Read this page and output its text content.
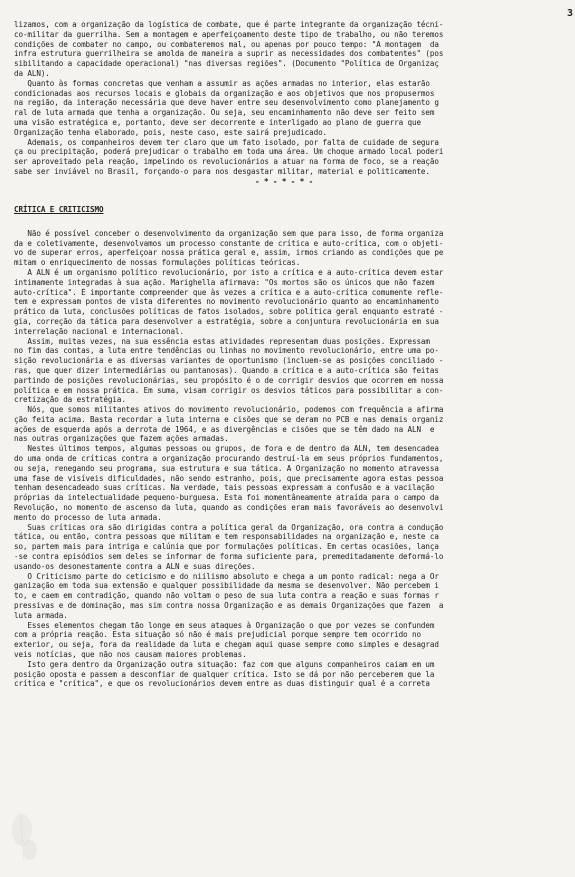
3
lizamos, com a organização da logística de combate, que é parte integrante da organização técni-
co-militar da guerrilha. Sem a montagem e aperfeiçoamento deste tipo de trabalho, ou não teremos
condições de combater no campo, ou combateremos mal, ou apenas por pouco tempo: "A montagem  da
infra estrutura guerrilheira se amolda de maneira a suprir as necessidades dos combatentes" (pos
sibilitando a capacidade operacional) "nas diversas regiões". (Documento "Política de Organizaç
da ALN).
Quanto às formas concretas que venham a assumir as ações armadas no interior, elas estarão
condicionadas aos recursos locais e globais da organização e aos objetivos que nos propusermos
na região, da interação necessária que deve haver entre seu desenvolvimento como planejamento g
ral de luta armada que tenha a organização. Ou seja, seu encaminhamento não deve ser feito sem
uma visão estratégica e, portanto, deve ser decorrente e interligado ao plano de guerra que
Organização tenha elaborado, pois, neste caso, este sairá prejudicado.
Ademais, os companheiros devem ter claro que um fato isolado, por falta de cuidade de segura
ça ou precipitação, poderá prejudicar o trabalho em toda uma área. Um choque armado local poderi
ser aproveitado pela reação, impelindo os revolucionários a atuar na forma de foco, se a reação
sabe ser inviável no Brasil, forçando-o para nos desgastar militar, material e politicamente.
- * - * - * -
CRÍTICA E CRITICISMO
Não é possível conceber o desenvolvimento da organização sem que para isso, de forma organiza
da e coletivamente, desenvolvamos um processo constante de crítica e auto-crítica, com o objeti-
vo de superar erros, aperfeiçoar nossa prática geral e, assim, irmos criando as condições que pe
mitam o enriquecimento de nossas formulações políticas teóricas.
A ALN é um organismo político revolucionário, por isto a crítica e a auto-crítica devem estar
intimamente integradas à sua ação. Marighella afirmava: "Os mortos são os únicos que não fazem
auto-crítica". É importante compreender que às vezes a crítica e a auto-crítica comumente refle-
tem e expressam pontos de vista diferentes no movimento revolucionário quanto ao encaminhamento
prático da luta, conclusões políticas de fatos isolados, sobre política geral enquanto estraté -
gia, correção da tática para desenvolver a estratégia, sobre a conjuntura revolucionária em sua
interrelação nacional e internacional.
Assim, muitas vezes, na sua essência estas atividades representam duas posições. Expressam
no fim das contas, a luta entre tendências ou linhas no movimento revolucionário, entre uma po-
sição revolucionária e as diversas variantes de oportunismo (incluem-se as posições conciliado -
ras, que quer dizer intermediárias ou pantanosas). Quando a crítica e a auto-crítica são feitas
partindo de posições revolucionárias, seu propósito é o de corrigir desvios que ocorrem em nossa
política e em nossa prática. Em suma, visam corrigir os desvios táticos para possibilitar a con-
cretização da estratégia.
Nós, que somos militantes ativos do movimento revolucionário, podemos com frequência a afirma
ção feita acima. Basta recordar a luta interna e cisões que se deram no PCB e nas demais organiz
ações de esquerda após a derrota de 1964, e as divergências e cisões que se têm dado na ALN  e
nas outras organizações que fazem ações armadas.
Nestes últimos tempos, algumas pessoas ou grupos, de fora e de dentro da ALN, tem desencadea
do uma onda de críticas contra a organização procurando destruí-la em seus próprios fundamentos,
ou seja, renegando seu programa, sua estrutura e sua tática. A Organização no momento atravessa
uma fase de visíveis dificuldades, não sendo estranho, pois, que precisamente agora estas pessoa
tenham desencadeado suas críticas. Na verdade, tais pessoas expressam a confusão e a vacilação
próprias da intelectualidade pequeno-burguesa. Esta foi momentâneamente atraída para o campo da
Revolução, no momento de ascenso da luta, quando as condições eram mais favoráveis ao desenvolvi
mento do processo de luta armada.
Suas críticas ora são dirigidas contra a política geral da Organização, ora contra a condução
tática, ou então, contra pessoas que militam e tem responsabilidades na organização e, neste ca
so, partem mais para intriga e calúnia que por formulações políticas. Em certas ocasiões, lança
-se contra episódios sem deles se informar de forma suficiente para, premeditadamente deformá-lo
usando-os desonestamente contra a ALN e suas direções.
O Criticismo parte do ceticismo e do niilismo absoluto e chega a um ponto radical: nega a Or
ganização em toda sua extensão e qualquer possibilidade da mesma se desenvolver. Não percebem i
to, e caem em contradição, quando não voltam o peso de sua luta contra a reação e suas formas r
pressivas e de dominação, mas sim contra nossa Organização e as demais Organizações que fazem  a
luta armada.
Esses elementos chegam tão longe em seus ataques à Organização o que por vezes se confundem
com a própria reação. Esta situação só não é mais prejudicial porque sempre tem ocorrido no
exterior, ou seja, fora da realidade da luta e chegam aqui quase sempre como simples e desagrad
veis notícias, que não nos causam maiores problemas.
Isto gera dentro da Organização outra situação: faz com que alguns companheiros caiam em um
posição oposta e passem a desconfiar de qualquer crítica. Isto se dá por não perceberem que la
crítica e "crítica", e que os revolucionários devem entre as duas distinguir qual é a correta
